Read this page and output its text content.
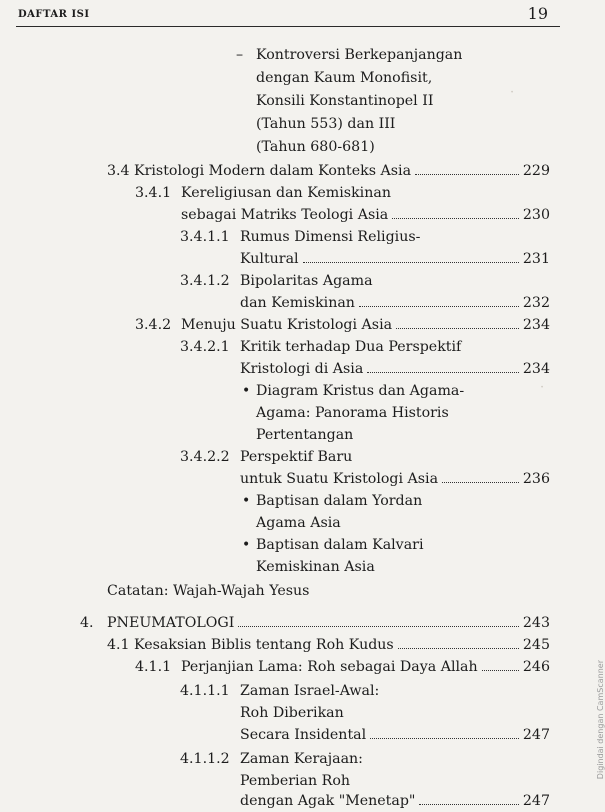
DAFTAR ISI	19
·
·
– Kontroversi Berkepanjangan
dengan Kaum Monofisit,
Konsili Konstantinopel II
(Tahun 553) dan III
(Tahun 680-681)
3.4 Kristologi Modern dalam Konteks Asia	229
3.4.1 Kereligiusan dan Kemiskinan
sebagai Matriks Teologi Asia	230
3.4.1.1 Rumus Dimensi Religius-
Kultural	231
3.4.1.2 Bipolaritas Agama
dan Kemiskinan	232
3.4.2 Menuju Suatu Kristologi Asia	234
3.4.2.1 Kritik terhadap Dua Perspektif
Kristologi di Asia	234
• Diagram Kristus dan Agama-
Agama: Panorama Historis
Pertentangan
3.4.2.2 Perspektif Baru
untuk Suatu Kristologi Asia	236
• Baptisan dalam Yordan
Agama Asia
• Baptisan dalam Kalvari
Kemiskinan Asia
Catatan: Wajah-Wajah Yesus
4. PNEUMATOLOGI	243
4.1 Kesaksian Biblis tentang Roh Kudus	245
4.1.1 Perjanjian Lama: Roh sebagai Daya Allah	246
4.1.1.1 Zaman Israel-Awal:
Roh Diberikan
Secara Insidental	247
4.1.1.2 Zaman Kerajaan:
Pemberian Roh
dengan Agak "Menetap"	247
Digindai dengan CamScanner
